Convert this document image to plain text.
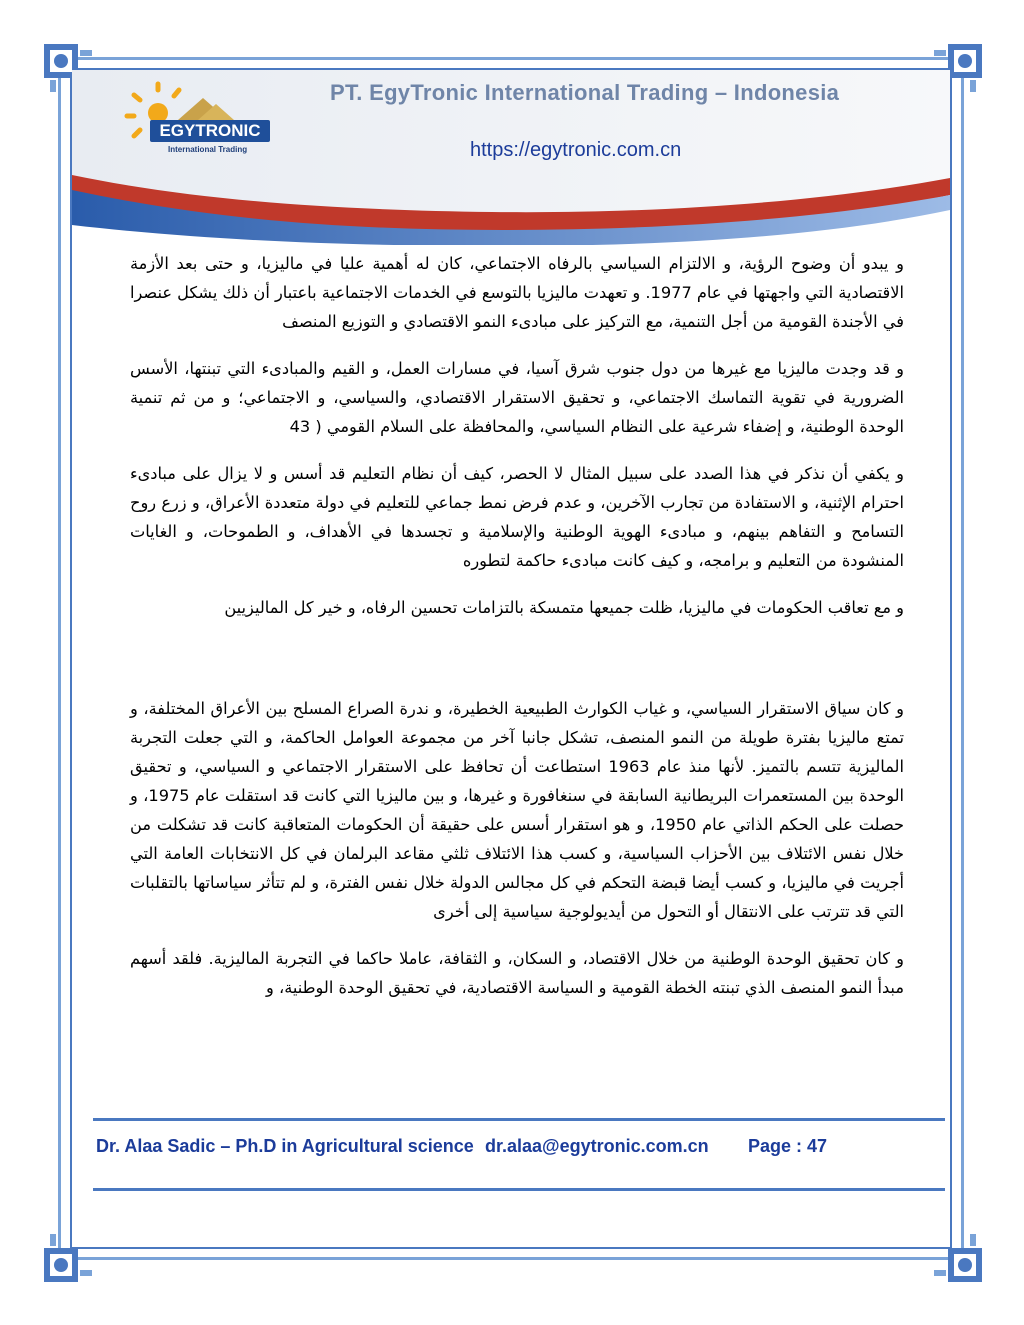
EGYTRONIC
International Trading
PT. EgyTronic International Trading – Indonesia
https://egytronic.com.cn

و يبدو أن وضوح الرؤية، و الالتزام السياسي بالرفاه الاجتماعي، كان له أهمية عليا في ماليزيا، و حتى بعد الأزمة الاقتصادية التي واجهتها في عام 1977. و تعهدت ماليزيا بالتوسع في الخدمات الاجتماعية باعتبار أن ذلك يشكل عنصرا في الأجندة القومية من أجل التنمية، مع التركيز على مبادىء النمو الاقتصادي و التوزيع المنصف

و قد وجدت ماليزيا مع غيرها من دول جنوب شرق آسيا، في مسارات العمل، و القيم والمبادىء التي تبنتها، الأسس الضرورية في تقوية التماسك الاجتماعي، و تحقيق الاستقرار الاقتصادي، والسياسي، و الاجتماعي؛ و من ثم تنمية الوحدة الوطنية، و إضفاء شرعية على النظام السياسي، والمحافظة على السلام القومي ( 43

و يكفي أن نذكر في هذا الصدد على سبيل المثال لا الحصر، كيف أن نظام التعليم قد أسس و لا يزال على مبادىء احترام الإثنية، و الاستفادة من تجارب الآخرين، و عدم فرض نمط جماعي للتعليم في دولة متعددة الأعراق، و زرع روح التسامح و التفاهم بينهم، و مبادىء الهوية الوطنية والإسلامية و تجسدها في الأهداف، و الطموحات، و الغايات المنشودة من التعليم و برامجه، و كيف كانت مبادىء حاكمة لتطوره

و مع تعاقب الحكومات في ماليزيا، ظلت جميعها متمسكة بالتزامات تحسين الرفاه، و خير كل الماليزيين

و كان سياق الاستقرار السياسي، و غياب الكوارث الطبيعية الخطيرة، و ندرة الصراع المسلح بين الأعراق المختلفة، و تمتع ماليزيا بفترة طويلة من النمو المنصف، تشكل جانبا آخر من مجموعة العوامل الحاكمة، و التي جعلت التجربة الماليزية تتسم بالتميز. لأنها منذ عام 1963 استطاعت أن تحافظ على الاستقرار الاجتماعي و السياسي، و تحقيق الوحدة بين المستعمرات البريطانية السابقة في سنغافورة و غيرها، و بين ماليزيا التي كانت قد استقلت عام 1975، و حصلت على الحكم الذاتي عام 1950، و هو استقرار أسس على حقيقة أن الحكومات المتعاقبة كانت قد تشكلت من خلال نفس الائتلاف بين الأحزاب السياسية، و كسب هذا الائتلاف ثلثي مقاعد البرلمان في كل الانتخابات العامة التي أجريت في ماليزيا، و كسب أيضا قبضة التحكم في كل مجالس الدولة خلال نفس الفترة، و لم تتأثر سياساتها بالتقلبات التي قد تترتب على الانتقال أو التحول من أيديولوجية سياسية إلى أخرى

و كان تحقيق الوحدة الوطنية من خلال الاقتصاد، و السكان، و الثقافة، عاملا حاكما في التجربة الماليزية. فلقد أسهم مبدأ النمو المنصف الذي تبنته الخطة القومية و السياسة الاقتصادية، في تحقيق الوحدة الوطنية، و

Dr. Alaa Sadic – Ph.D in Agricultural science dr.alaa@egytronic.com.cn Page : 47
